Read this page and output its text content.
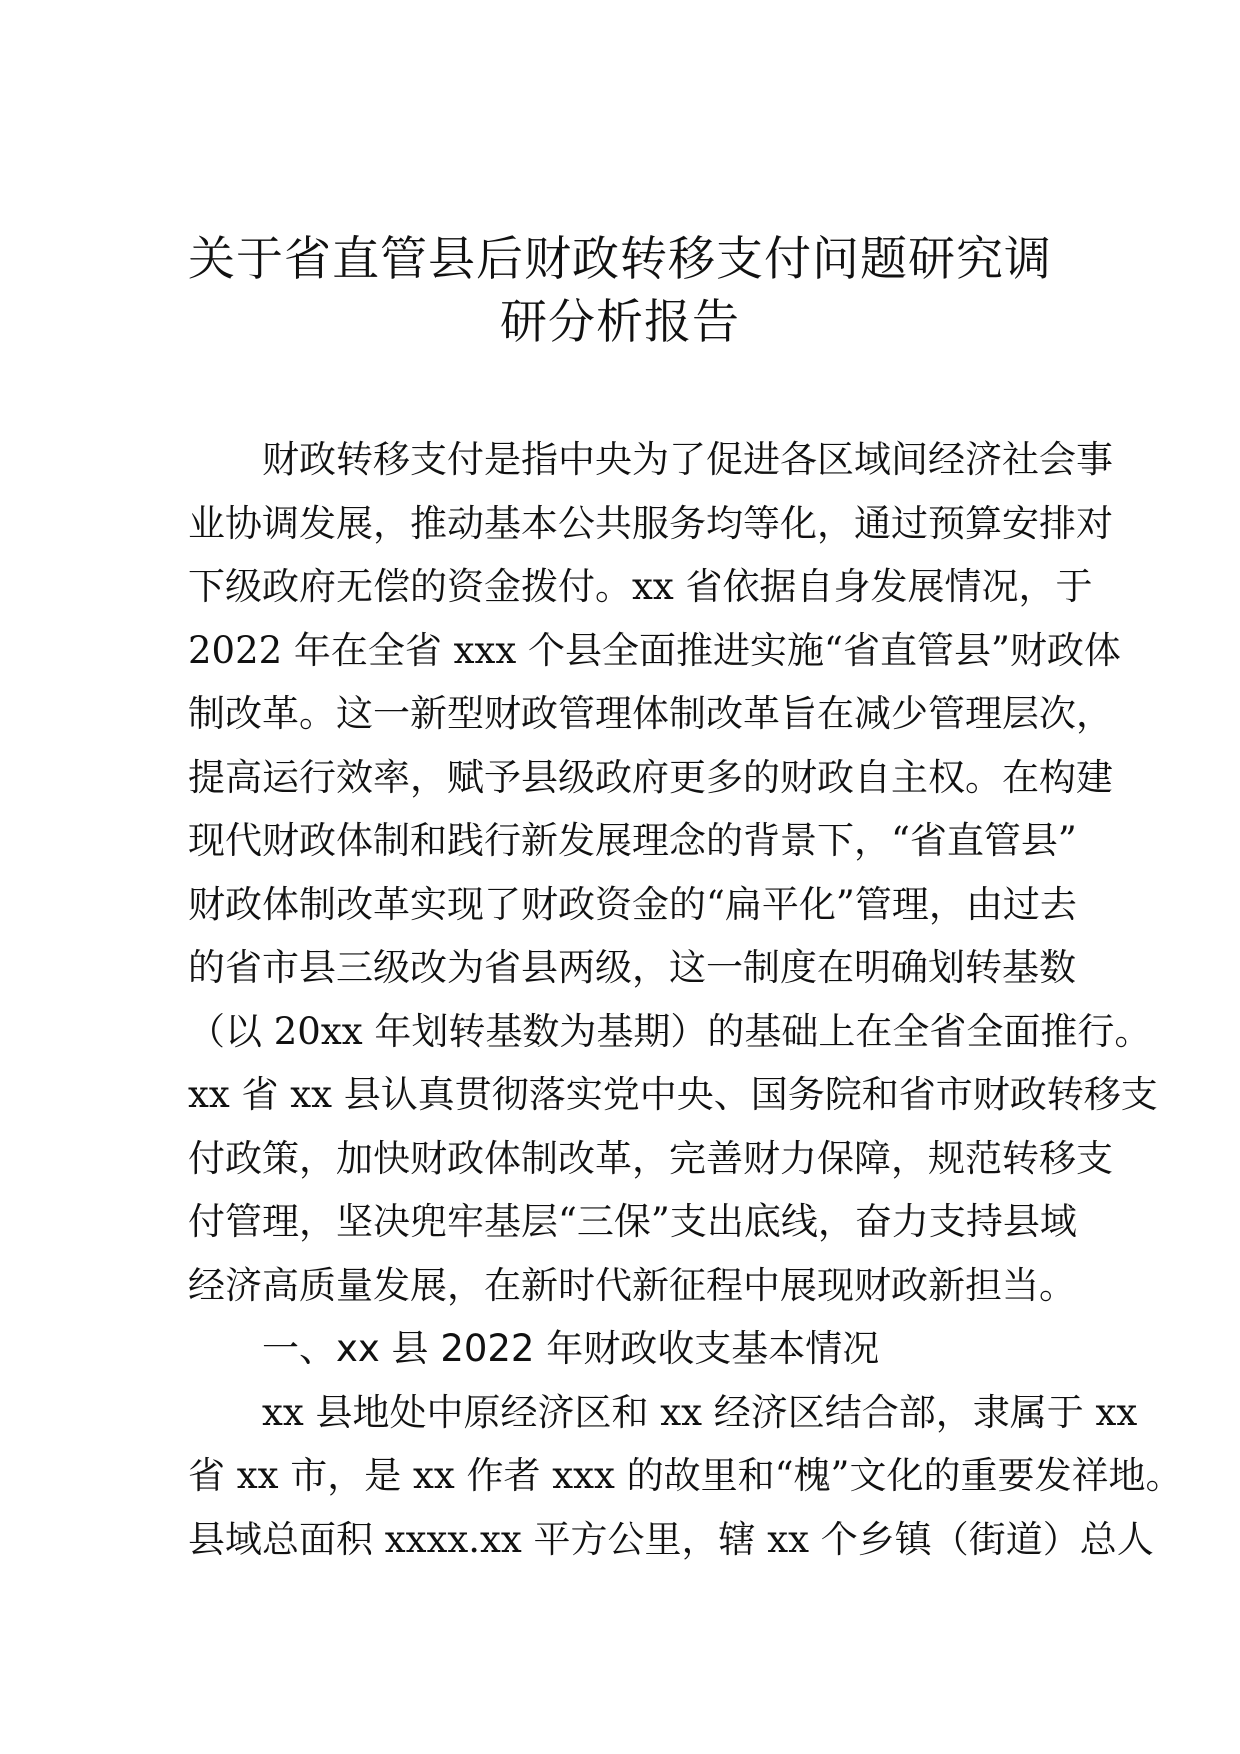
关于省直管县后财政转移支付问题研究调
研分析报告
财政转移支付是指中央为了促进各区域间经济社会事
业协调发展，推动基本公共服务均等化，通过预算安排对
下级政府无偿的资金拨付。xx 省依据自身发展情况，于
2022 年在全省 xxx 个县全面推进实施“省直管县”财政体
制改革。这一新型财政管理体制改革旨在减少管理层次，
提高运行效率，赋予县级政府更多的财政自主权。在构建
现代财政体制和践行新发展理念的背景下，“省直管县”
财政体制改革实现了财政资金的“扁平化”管理，由过去
的省市县三级改为省县两级，这一制度在明确划转基数
（以 20xx 年划转基数为基期）的基础上在全省全面推行。
xx 省 xx 县认真贯彻落实党中央、国务院和省市财政转移支
付政策，加快财政体制改革，完善财力保障，规范转移支
付管理，坚决兜牢基层“三保”支出底线，奋力支持县域
经济高质量发展，在新时代新征程中展现财政新担当。
一、xx 县 2022 年财政收支基本情况
xx 县地处中原经济区和 xx 经济区结合部，隶属于 xx
省 xx 市，是 xx 作者 xxx 的故里和“槐”文化的重要发祥地。
县域总面积 xxxx.xx 平方公里，辖 xx 个乡镇（街道）总人
